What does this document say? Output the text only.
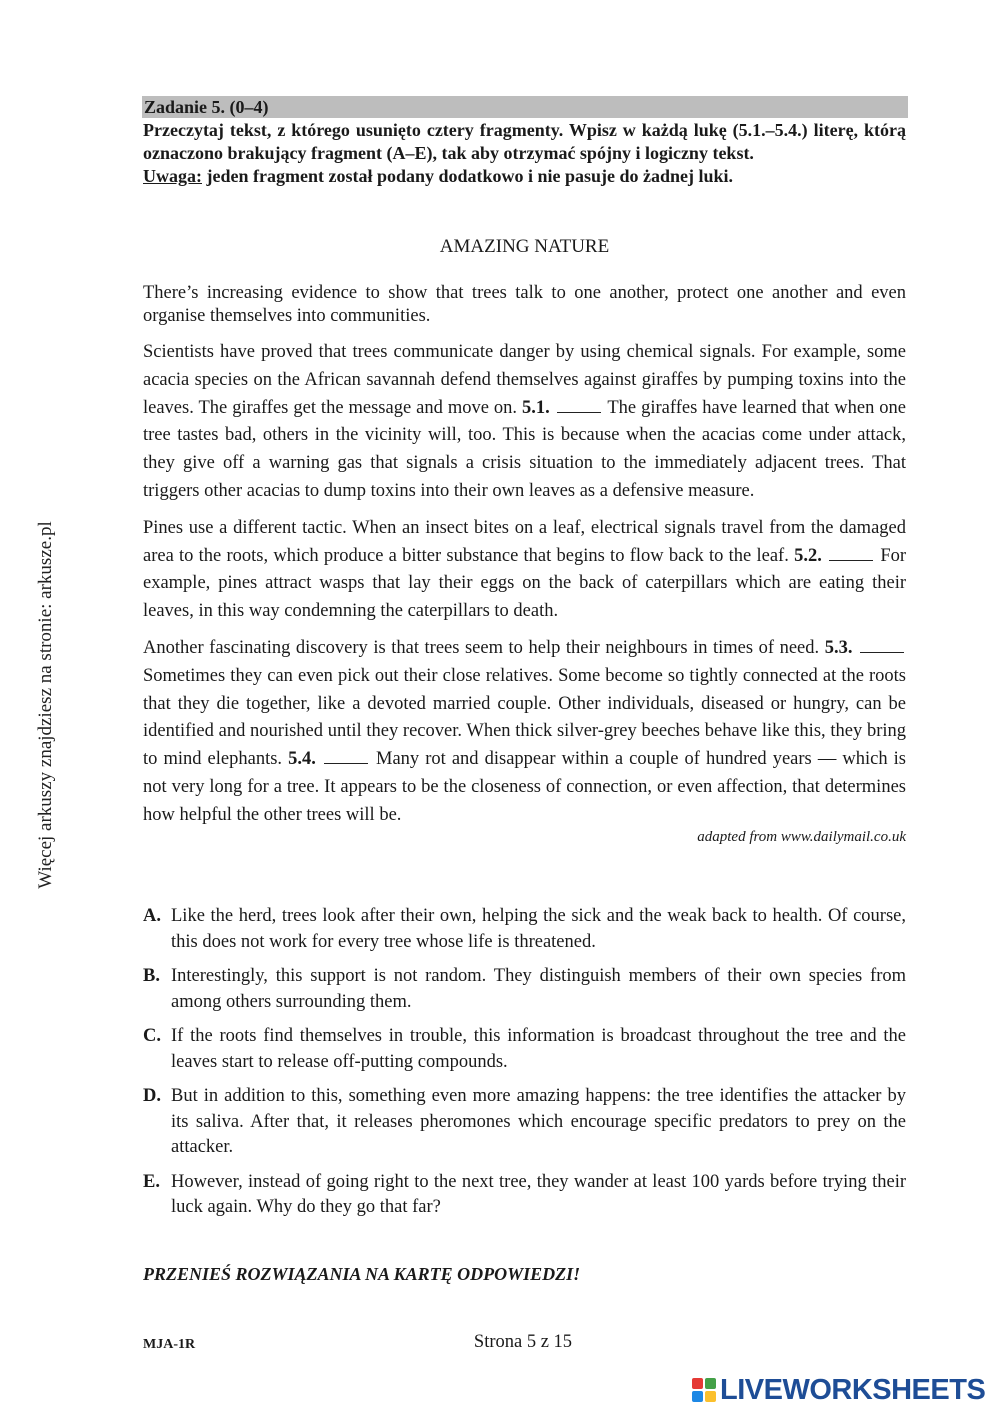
Więcej arkuszy znajdziesz na stronie: arkusze.pl
Zadanie 5. (0–4)

Przeczytaj tekst, z którego usunięto cztery fragmenty. Wpisz w każdą lukę (5.1.–5.4.) literę, którą oznaczono brakujący fragment (A–E), tak aby otrzymać spójny i logiczny tekst.

Uwaga: jeden fragment został podany dodatkowo i nie pasuje do żadnej luki.

AMAZING NATURE

There’s increasing evidence to show that trees talk to one another, protect one another and even organise themselves into communities.

Scientists have proved that trees communicate danger by using chemical signals. For example, some acacia species on the African savannah defend themselves against giraffes by pumping toxins into the leaves. The giraffes get the message and move on. 5.1.	The giraffes have learned that when one tree tastes bad, others in the vicinity will, too. This is because when the acacias come under attack, they give off a warning gas that signals a crisis situation to the immediately adjacent trees. That triggers other acacias to dump toxins into their own leaves as a defensive measure.

Pines use a different tactic. When an insect bites on a leaf, electrical signals travel from the damaged area to the roots, which produce a bitter substance that begins to flow back to the leaf. 5.2.	For example, pines attract wasps that lay their eggs on the back of caterpillars which are eating their leaves, in this way condemning the caterpillars to death.

Another fascinating discovery is that trees seem to help their neighbours in times of need. 5.3.  Sometimes they can even pick out their close relatives. Some become so tightly connected at the roots that they die together, like a devoted married couple. Other individuals, diseased or hungry, can be identified and nourished until they recover. When thick silver-grey beeches behave like this, they bring to mind elephants. 5.4.	Many rot and disappear within a couple of hundred years — which is not very long for a tree. It appears to be the closeness of connection, or even affection, that determines how helpful the other trees will be.

adapted from www.dailymail.co.uk
A. Like the herd, trees look after their own, helping the sick and the weak back to health. Of course, this does not work for every tree whose life is threatened.
B. Interestingly, this support is not random. They distinguish members of their own species from among others surrounding them.
C. If the roots find themselves in trouble, this information is broadcast throughout the tree and the leaves start to release off-putting compounds.
D. But in addition to this, something even more amazing happens: the tree identifies the attacker by its saliva. After that, it releases pheromones which encourage specific predators to prey on the attacker.
E. However, instead of going right to the next tree, they wander at least 100 yards before trying their luck again. Why do they go that far?
PRZENIEŚ ROZWIĄZANIA NA KARTĘ ODPOWIEDZI!
MJA-1R	Strona 5 z 15
LIVEWORKSHEETS
